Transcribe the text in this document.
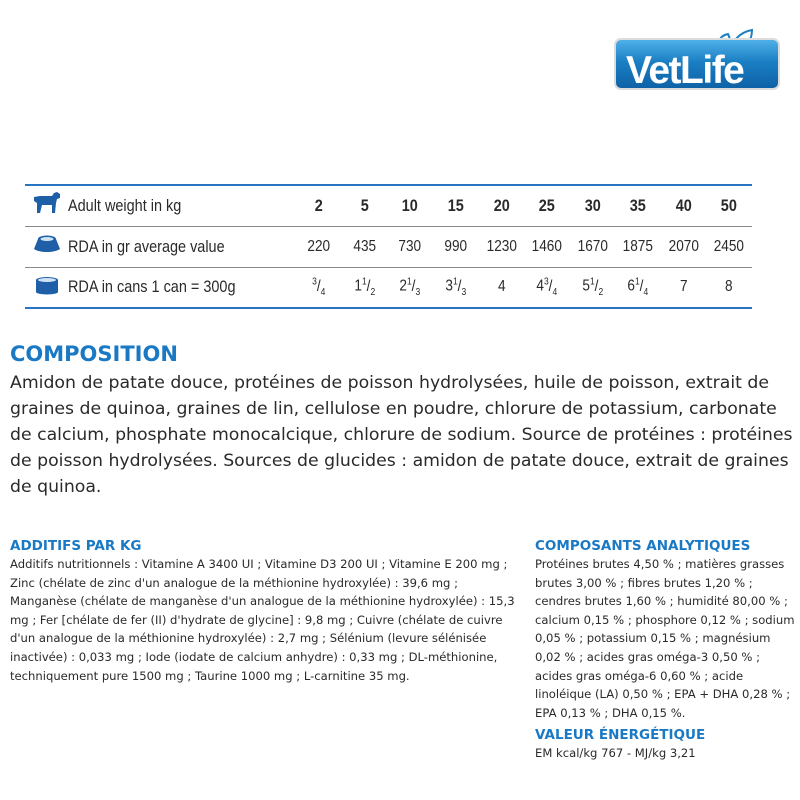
VetLife
	Adult weight in kg	2	5	10	15	20	25	30	35	40	50
	RDA in gr average value	220	435	730	990	1230	1460	1670	1875	2070	2450
	RDA in cans 1 can = 300g	$^3/_4$	$1^1/_2$	$2^1/_3$	$3^1/_3$	4	$4^3/_4$	$5^1/_2$	$6^1/_4$	7	8
COMPOSITION
Amidon de patate douce, protéines de poisson hydrolysées, huile de poisson, extrait de graines de quinoa, graines de lin, cellulose en poudre, chlorure de potassium, carbonate de calcium, phosphate monocalcique, chlorure de sodium. Source de protéines : protéines de poisson hydrolysées. Sources de glucides : amidon de patate douce, extrait de graines de quinoa.
ADDITIFS PAR KG
Additifs nutritionnels : Vitamine A 3400 UI ; Vitamine D3 200 UI ; Vitamine E 200 mg ; Zinc (chélate de zinc d'un analogue de la méthionine hydroxylée) : 39,6 mg ; Manganèse (chélate de manganèse d'un analogue de la méthionine hydroxylée) : 15,3 mg ; Fer [chélate de fer (II) d'hydrate de glycine] : 9,8 mg ; Cuivre (chélate de cuivre d'un analogue de la méthionine hydroxylée) : 2,7 mg ; Sélénium (levure sélénisée inactivée) : 0,033 mg ; Iode (iodate de calcium anhydre) : 0,33 mg ; DL-méthionine, techniquement pure 1500 mg ; Taurine 1000 mg ; L-carnitine 35 mg.
COMPOSANTS ANALYTIQUES
Protéines brutes 4,50 % ; matières grasses brutes 3,00 % ; fibres brutes 1,20 % ; cendres brutes 1,60 % ; humidité 80,00 % ; calcium 0,15 % ; phosphore 0,12 % ; sodium 0,05 % ; potassium 0,15 % ; magnésium 0,02 % ; acides gras oméga-3 0,50 % ; acides gras oméga-6 0,60 % ; acide linoléique (LA) 0,50 % ; EPA + DHA 0,28 % ; EPA 0,13 % ; DHA 0,15 %.
VALEUR ÉNERGÉTIQUE
EM kcal/kg 767 - MJ/kg 3,21
